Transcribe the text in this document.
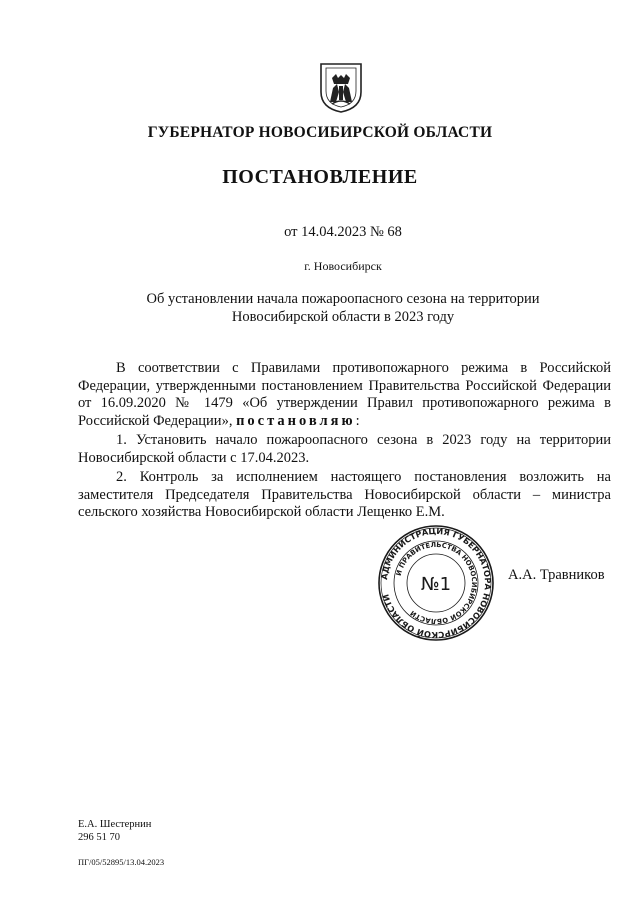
ГУБЕРНАТОР НОВОСИБИРСКОЙ ОБЛАСТИ
ПОСТАНОВЛЕНИЕ
от 14.04.2023 № 68
г. Новосибирск
Об установлении начала пожароопасного сезона на территории
Новосибирской области в 2023 году

В соответствии с Правилами противопожарного режима в Российской Федерации, утвержденными постановлением Правительства Российской Федерации от 16.09.2020 № 1479 «Об утверждении Правил противопожарного режима в Российской Федерации», постановляю:

1. Установить начало пожароопасного сезона в 2023 году на территории Новосибирской области с 17.04.2023.

2. Контроль за исполнением настоящего постановления возложить на заместителя Председателя Правительства Новосибирской области – министра сельского хозяйства Новосибирской области Лещенко Е.М.

АДМИНИСТРАЦИЯ ГУБЕРНАТОРА НОВОСИБИРСКОЙ ОБЛАСТИ
И ПРАВИТЕЛЬСТВА НОВОСИБИРСКОЙ ОБЛАСТИ
№1	А.А. Травников
Е.А. Шестернин
296 51 70
ПГ/05/52895/13.04.2023
